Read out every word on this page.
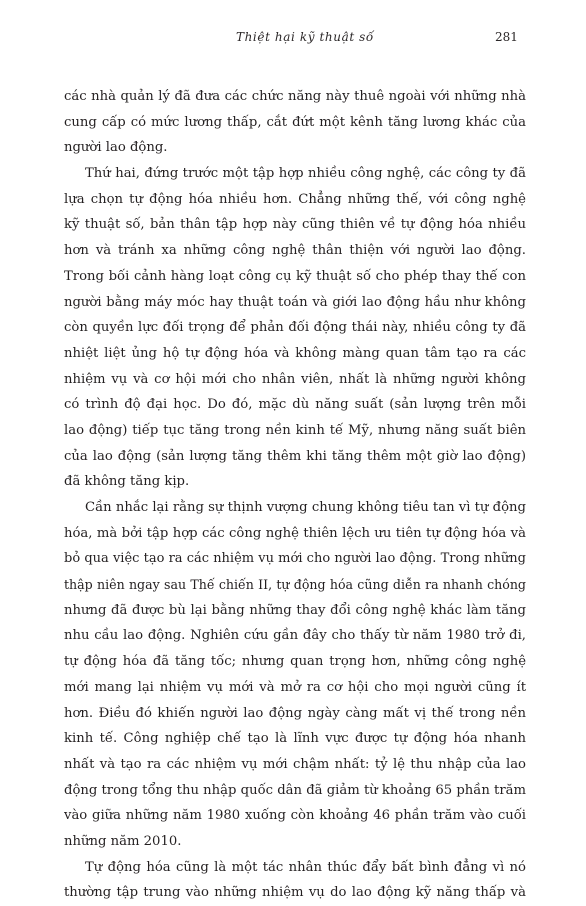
Thiệt hại kỹ thuật số	281
các nhà quản lý đã đưa các chức năng này thuê ngoài với những nhà
cung cấp có mức lương thấp, cắt đứt một kênh tăng lương khác của
người lao động.
Thứ hai, đứng trước một tập hợp nhiều công nghệ, các công ty đã
lựa chọn tự động hóa nhiều hơn. Chẳng những thế, với công nghệ
kỹ thuật số, bản thân tập hợp này cũng thiên về tự động hóa nhiều
hơn và tránh xa những công nghệ thân thiện với người lao động.
Trong bối cảnh hàng loạt công cụ kỹ thuật số cho phép thay thế con
người bằng máy móc hay thuật toán và giới lao động hầu như không
còn quyền lực đối trọng để phản đối động thái này, nhiều công ty đã
nhiệt liệt ủng hộ tự động hóa và không màng quan tâm tạo ra các
nhiệm vụ và cơ hội mới cho nhân viên, nhất là những người không
có trình độ đại học. Do đó, mặc dù năng suất (sản lượng trên mỗi
lao động) tiếp tục tăng trong nền kinh tế Mỹ, nhưng năng suất biên
của lao động (sản lượng tăng thêm khi tăng thêm một giờ lao động)
đã không tăng kịp.
Cần nhắc lại rằng sự thịnh vượng chung không tiêu tan vì tự động
hóa, mà bởi tập hợp các công nghệ thiên lệch ưu tiên tự động hóa và
bỏ qua việc tạo ra các nhiệm vụ mới cho người lao động. Trong những
thập niên ngay sau Thế chiến II, tự động hóa cũng diễn ra nhanh chóng
nhưng đã được bù lại bằng những thay đổi công nghệ khác làm tăng
nhu cầu lao động. Nghiên cứu gần đây cho thấy từ năm 1980 trở đi,
tự động hóa đã tăng tốc; nhưng quan trọng hơn, những công nghệ
mới mang lại nhiệm vụ mới và mở ra cơ hội cho mọi người cũng ít
hơn. Điều đó khiến người lao động ngày càng mất vị thế trong nền
kinh tế. Công nghiệp chế tạo là lĩnh vực được tự động hóa nhanh
nhất và tạo ra các nhiệm vụ mới chậm nhất: tỷ lệ thu nhập của lao
động trong tổng thu nhập quốc dân đã giảm từ khoảng 65 phần trăm
vào giữa những năm 1980 xuống còn khoảng 46 phần trăm vào cuối
những năm 2010.
Tự động hóa cũng là một tác nhân thúc đẩy bất bình đẳng vì nó
thường tập trung vào những nhiệm vụ do lao động kỹ năng thấp và
